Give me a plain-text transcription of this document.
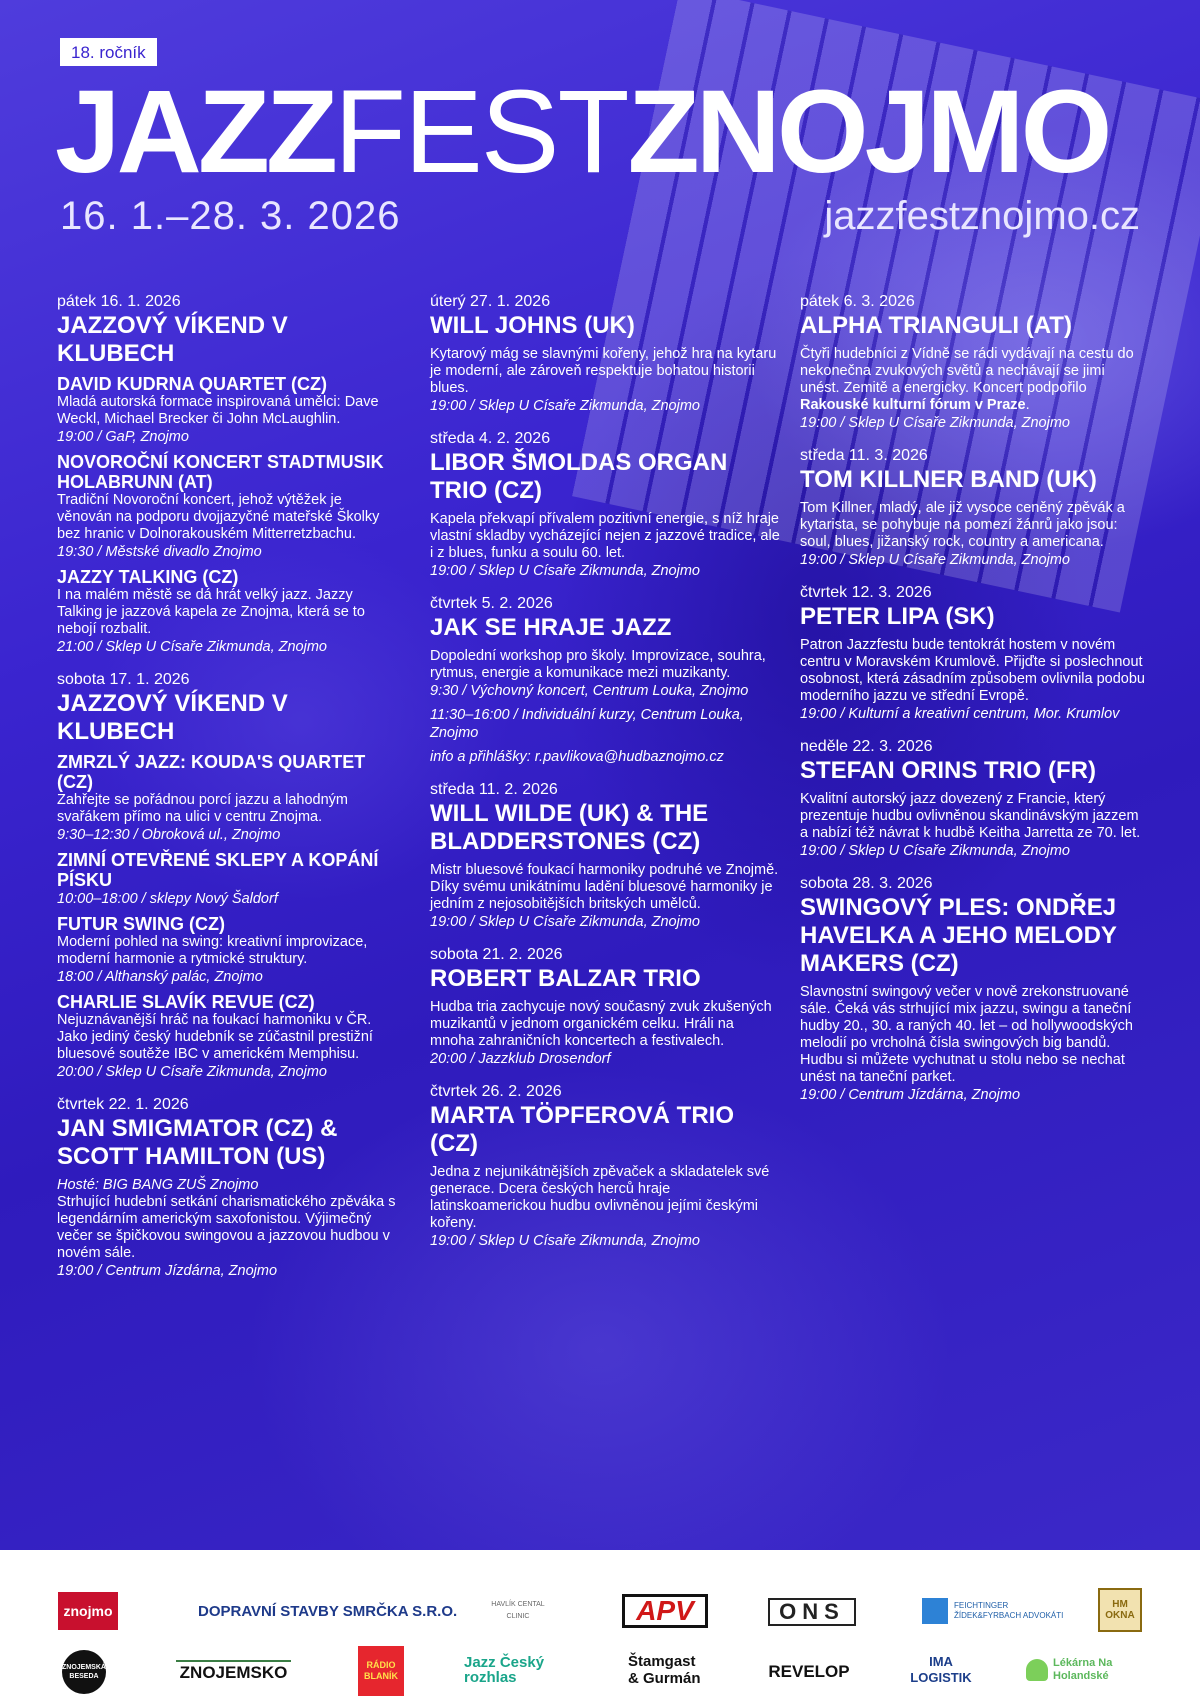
18. ročník
JAZZFESTZNOJMO
16. 1.–28. 3. 2026	jazzfestznojmo.cz
pátek 16. 1. 2026
JAZZOVÝ VÍKEND V KLUBECH
DAVID KUDRNA QUARTET (CZ)
Mladá autorská formace inspirovaná umělci: Dave Weckl, Michael Brecker či John McLaughlin.
19:00 / GaP, Znojmo
NOVOROČNÍ KONCERT STADTMUSIK HOLABRUNN (AT)
Tradiční Novoroční koncert, jehož výtěžek je věnován na podporu dvojjazyčné mateřské Školky bez hranic v Dolnorakouském Mitterretzbachu.
19:30 / Městské divadlo Znojmo
JAZZY TALKING (CZ)
I na malém městě se dá hrát velký jazz. Jazzy Talking je jazzová kapela ze Znojma, která se to nebojí rozbalit.
21:00 / Sklep U Císaře Zikmunda, Znojmo
sobota 17. 1. 2026
JAZZOVÝ VÍKEND V KLUBECH
ZMRZLÝ JAZZ: KOUDA'S QUARTET (CZ)
Zahřejte se pořádnou porcí jazzu a lahodným svařákem přímo na ulici v centru Znojma.
9:30–12:30 / Obroková ul., Znojmo
ZIMNÍ OTEVŘENÉ SKLEPY A KOPÁNÍ PÍSKU
10:00–18:00 / sklepy Nový Šaldorf
FUTUR SWING (CZ)
Moderní pohled na swing: kreativní improvizace, moderní harmonie a rytmické struktury.
18:00 / Althanský palác, Znojmo
CHARLIE SLAVÍK REVUE (CZ)
Nejuznávanější hráč na foukací harmoniku v ČR. Jako jediný český hudebník se zúčastnil prestižní bluesové soutěže IBC v americkém Memphisu.
20:00 / Sklep U Císaře Zikmunda, Znojmo
čtvrtek 22. 1. 2026
JAN SMIGMATOR (CZ) & SCOTT HAMILTON (US)
Hosté: BIG BANG ZUŠ Znojmo
Strhující hudební setkání charismatického zpěváka s legendárním americkým saxofonistou. Výjimečný večer se špičkovou swingovou a jazzovou hudbou v novém sále.
19:00 / Centrum Jízdárna, Znojmo
úterý 27. 1. 2026
WILL JOHNS (UK)
Kytarový mág se slavnými kořeny, jehož hra na kytaru je moderní, ale zároveň respektuje bohatou historii blues.
19:00 / Sklep U Císaře Zikmunda, Znojmo
středa 4. 2. 2026
LIBOR ŠMOLDAS ORGAN TRIO (CZ)
Kapela překvapí přívalem pozitivní energie, s níž hraje vlastní skladby vycházející nejen z jazzové tradice, ale i z blues, funku a soulu 60. let.
19:00 / Sklep U Císaře Zikmunda, Znojmo
čtvrtek 5. 2. 2026
JAK SE HRAJE JAZZ
Dopolední workshop pro školy. Improvizace, souhra, rytmus, energie a komunikace mezi muzikanty.
9:30 / Výchovný koncert, Centrum Louka, Znojmo
11:30–16:00 / Individuální kurzy, Centrum Louka, Znojmo
info a přihlášky: r.pavlikova@hudbaznojmo.cz
středa 11. 2. 2026
WILL WILDE (UK) & THE BLADDERSTONES (CZ)
Mistr bluesové foukací harmoniky podruhé ve Znojmě. Díky svému unikátnímu ladění bluesové harmoniky je jedním z nejosobitějších britských umělců.
19:00 / Sklep U Císaře Zikmunda, Znojmo
sobota 21. 2. 2026
ROBERT BALZAR TRIO
Hudba tria zachycuje nový současný zvuk zkušených muzikantů v jednom organickém celku. Hráli na mnoha zahraničních koncertech a festivalech.
20:00 / Jazzklub Drosendorf
čtvrtek 26. 2. 2026
MARTA TÖPFEROVÁ TRIO (CZ)
Jedna z nejunikátnějších zpěvaček a skladatelek své generace. Dcera českých herců hraje latinskoamerickou hudbu ovlivněnou jejími českými kořeny.
19:00 / Sklep U Císaře Zikmunda, Znojmo
pátek 6. 3. 2026
ALPHA TRIANGULI (AT)
Čtyři hudebníci z Vídně se rádi vydávají na cestu do nekonečna zvukových světů a nechávají se jimi unést. Zemitě a energicky. Koncert podpořilo Rakouské kulturní fórum v Praze.
19:00 / Sklep U Císaře Zikmunda, Znojmo
středa 11. 3. 2026
TOM KILLNER BAND (UK)
Tom Killner, mladý, ale již vysoce ceněný zpěvák a kytarista, se pohybuje na pomezí žánrů jako jsou: soul, blues, jižanský rock, country a americana.
19:00 / Sklep U Císaře Zikmunda, Znojmo
čtvrtek 12. 3. 2026
PETER LIPA (SK)
Patron Jazzfestu bude tentokrát hostem v novém centru v Moravském Krumlově. Přijďte si poslechnout osobnost, která zásadním způsobem ovlivnila podobu moderního jazzu ve střední Evropě.
19:00 / Kulturní a kreativní centrum, Mor. Krumlov
neděle 22. 3. 2026
STEFAN ORINS TRIO (FR)
Kvalitní autorský jazz dovezený z Francie, který prezentuje hudbu ovlivněnou skandinávským jazzem a nabízí též návrat k hudbě Keitha Jarretta ze 70. let.
19:00 / Sklep U Císaře Zikmunda, Znojmo
sobota 28. 3. 2026
SWINGOVÝ PLES: ONDŘEJ HAVELKA A JEHO MELODY MAKERS (CZ)
Slavnostní swingový večer v nově zrekonstruované sále. Čeká vás strhující mix jazzu, swingu a taneční hudby 20., 30. a raných 40. let – od hollywoodských melodií po vrcholná čísla swingových big bandů. Hudbu si můžete vychutnat u stolu nebo se nechat unést na taneční parket.
19:00 / Centrum Jízdárna, Znojmo
znojmo	DOPRAVNÍ STAVBY SMRČKA S.R.O.	HAVLÍK CENTAL CLINIC	APV	ONS	FEICHTINGER ŽÍDEK&FYRBACH ADVOKÁTI
HM OKNA
ZNOJEMSKÁ BESEDA	ZNOJEMSKO	RÁDIO BLANÍK
Jazz Český rozhlas
Štamgast & Gurmán	REVELOP
IMA LOGISTIK
Lékárna Na Holandské
